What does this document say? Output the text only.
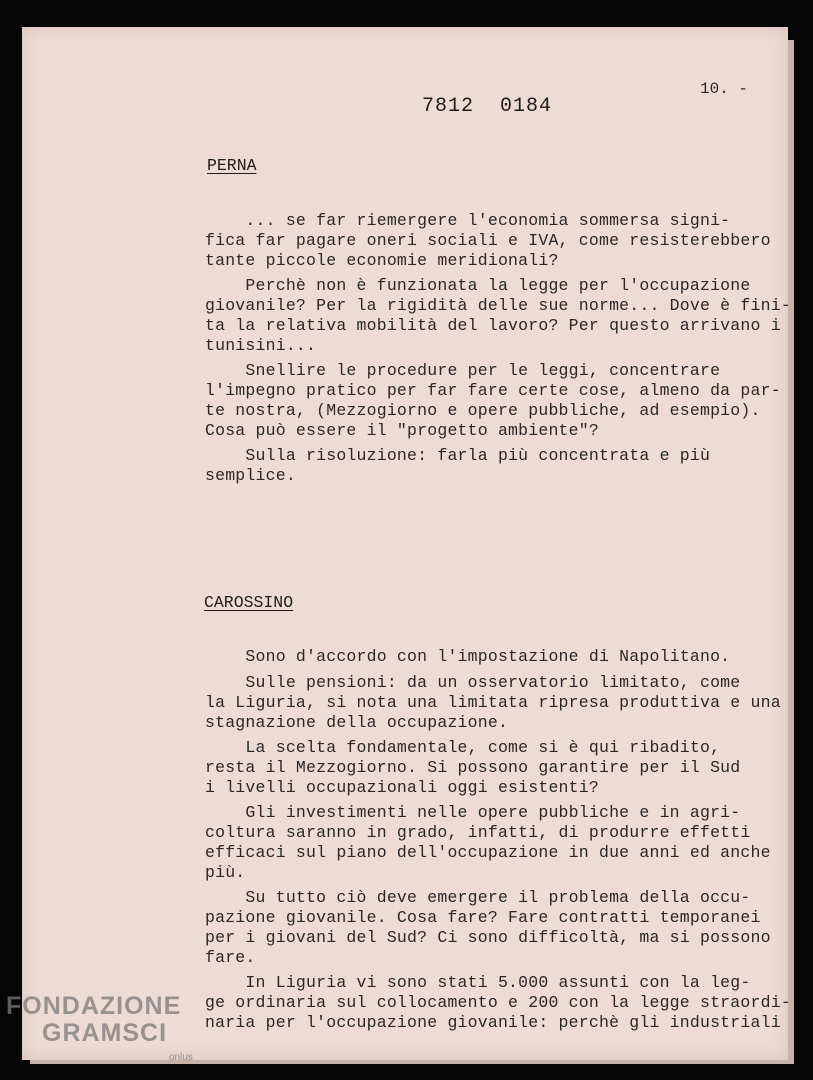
7812  0184
10. -
PERNA
... se far riemergere l'economia sommersa signi-
fica far pagare oneri sociali e IVA, come resisterebbero
tante piccole economie meridionali?
Perchè non è funzionata la legge per l'occupazione
giovanile? Per la rigidità delle sue norme... Dove è fini-
ta la relativa mobilità del lavoro? Per questo arrivano i
tunisini...
Snellire le procedure per le leggi, concentrare
l'impegno pratico per far fare certe cose, almeno da par-
te nostra, (Mezzogiorno e opere pubbliche, ad esempio).
Cosa può essere il "progetto ambiente"?
Sulla risoluzione: farla più concentrata e più
semplice.
CAROSSINO
Sono d'accordo con l'impostazione di Napolitano.
Sulle pensioni: da un osservatorio limitato, come
la Liguria, si nota una limitata ripresa produttiva e una
stagnazione della occupazione.
La scelta fondamentale, come si è qui ribadito,
resta il Mezzogiorno. Si possono garantire per il Sud
i livelli occupazionali oggi esistenti?
Gli investimenti nelle opere pubbliche e in agri-
coltura saranno in grado, infatti, di produrre effetti
efficaci sul piano dell'occupazione in due anni ed anche
più.
Su tutto ciò deve emergere il problema della occu-
pazione giovanile. Cosa fare? Fare contratti temporanei
per i giovani del Sud? Ci sono difficoltà, ma si possono
fare.
In Liguria vi sono stati 5.000 assunti con la leg-
ge ordinaria sul collocamento e 200 con la legge straordi-
naria per l'occupazione giovanile: perchè gli industriali
FONDAZIONE
GRAMSCI
onlus
